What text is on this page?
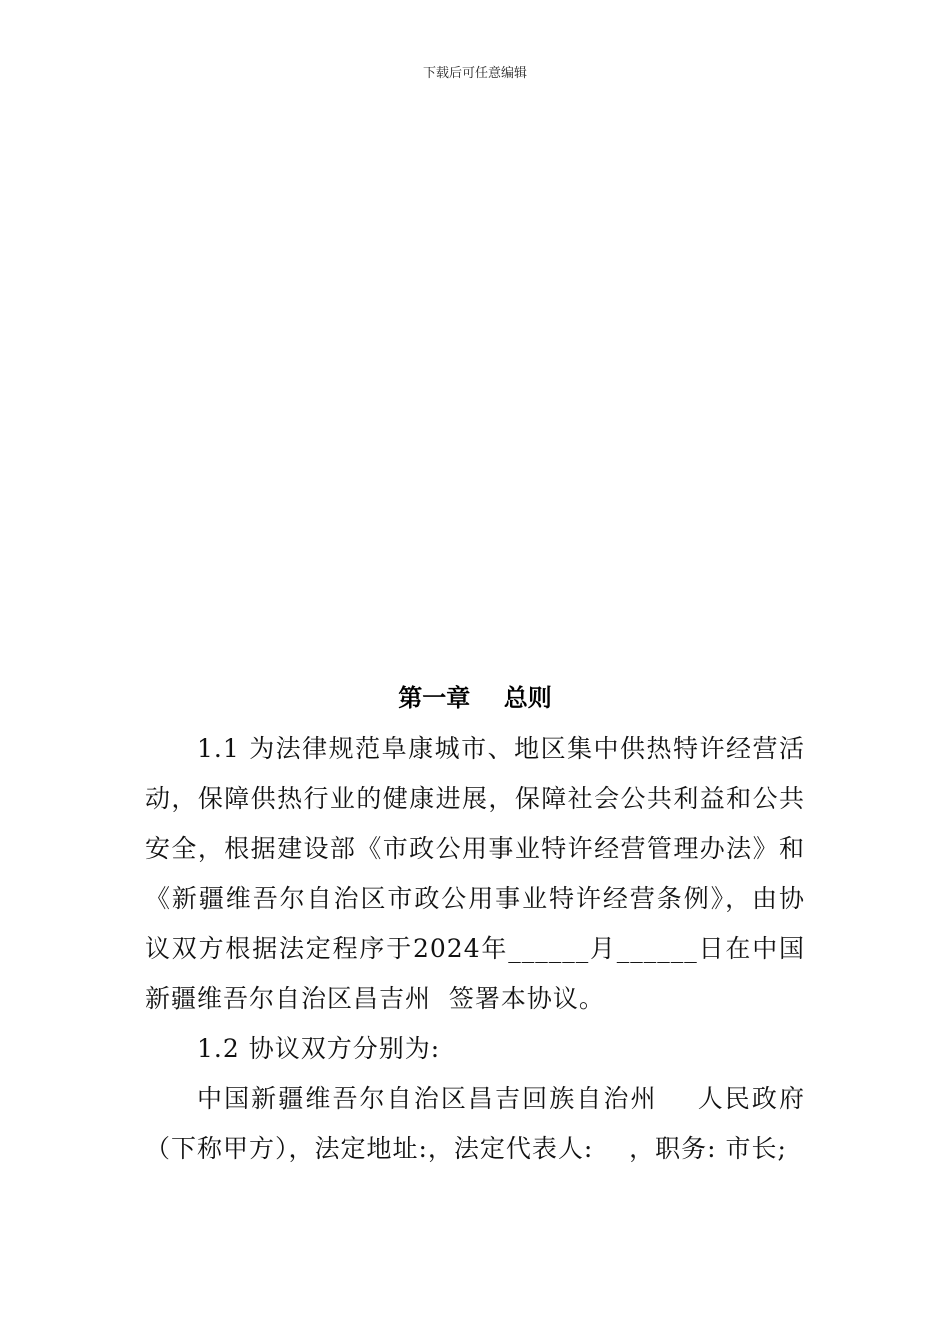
下载后可任意编辑
第一章    总则

1.1 为法律规范阜康城市、地区集中供热特许经营活动，保障供热行业的健康进展，保障社会公共利益和公共安全，根据建设部《市政公用事业特许经营管理办法》和《新疆维吾尔自治区市政公用事业特许经营条例》，由协议双方根据法定程序于2024年______月______日在中国新疆维吾尔自治区昌吉州  签署本协议。

1.2 协议双方分别为:

中国新疆维吾尔自治区昌吉回族自治州    人民政府（下称甲方），法定地址:，法定代表人:    ，职务: 市长;
